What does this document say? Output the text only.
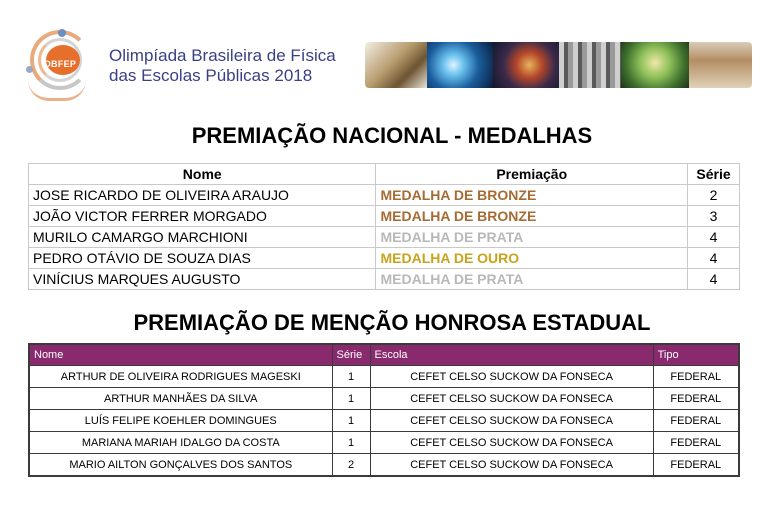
OBFEP	Olimpíada Brasileira de Física
das Escolas Públicas 2018
PREMIAÇÃO NACIONAL - MEDALHAS
Nome	Premiação	Série
JOSE RICARDO DE OLIVEIRA ARAUJO	MEDALHA DE BRONZE	2
JOÃO VICTOR FERRER MORGADO	MEDALHA DE BRONZE	3
MURILO CAMARGO MARCHIONI	MEDALHA DE PRATA	4
PEDRO OTÁVIO DE SOUZA DIAS	MEDALHA DE OURO	4
VINÍCIUS MARQUES AUGUSTO	MEDALHA DE PRATA	4
PREMIAÇÃO DE MENÇÃO HONROSA ESTADUAL
Nome	Série	Escola	Tipo
ARTHUR DE OLIVEIRA RODRIGUES MAGESKI	1	CEFET CELSO SUCKOW DA FONSECA	FEDERAL
ARTHUR MANHÃES DA SILVA	1	CEFET CELSO SUCKOW DA FONSECA	FEDERAL
LUÍS FELIPE KOEHLER DOMINGUES	1	CEFET CELSO SUCKOW DA FONSECA	FEDERAL
MARIANA MARIAH IDALGO DA COSTA	1	CEFET CELSO SUCKOW DA FONSECA	FEDERAL
MARIO AILTON GONÇALVES DOS SANTOS	2	CEFET CELSO SUCKOW DA FONSECA	FEDERAL
